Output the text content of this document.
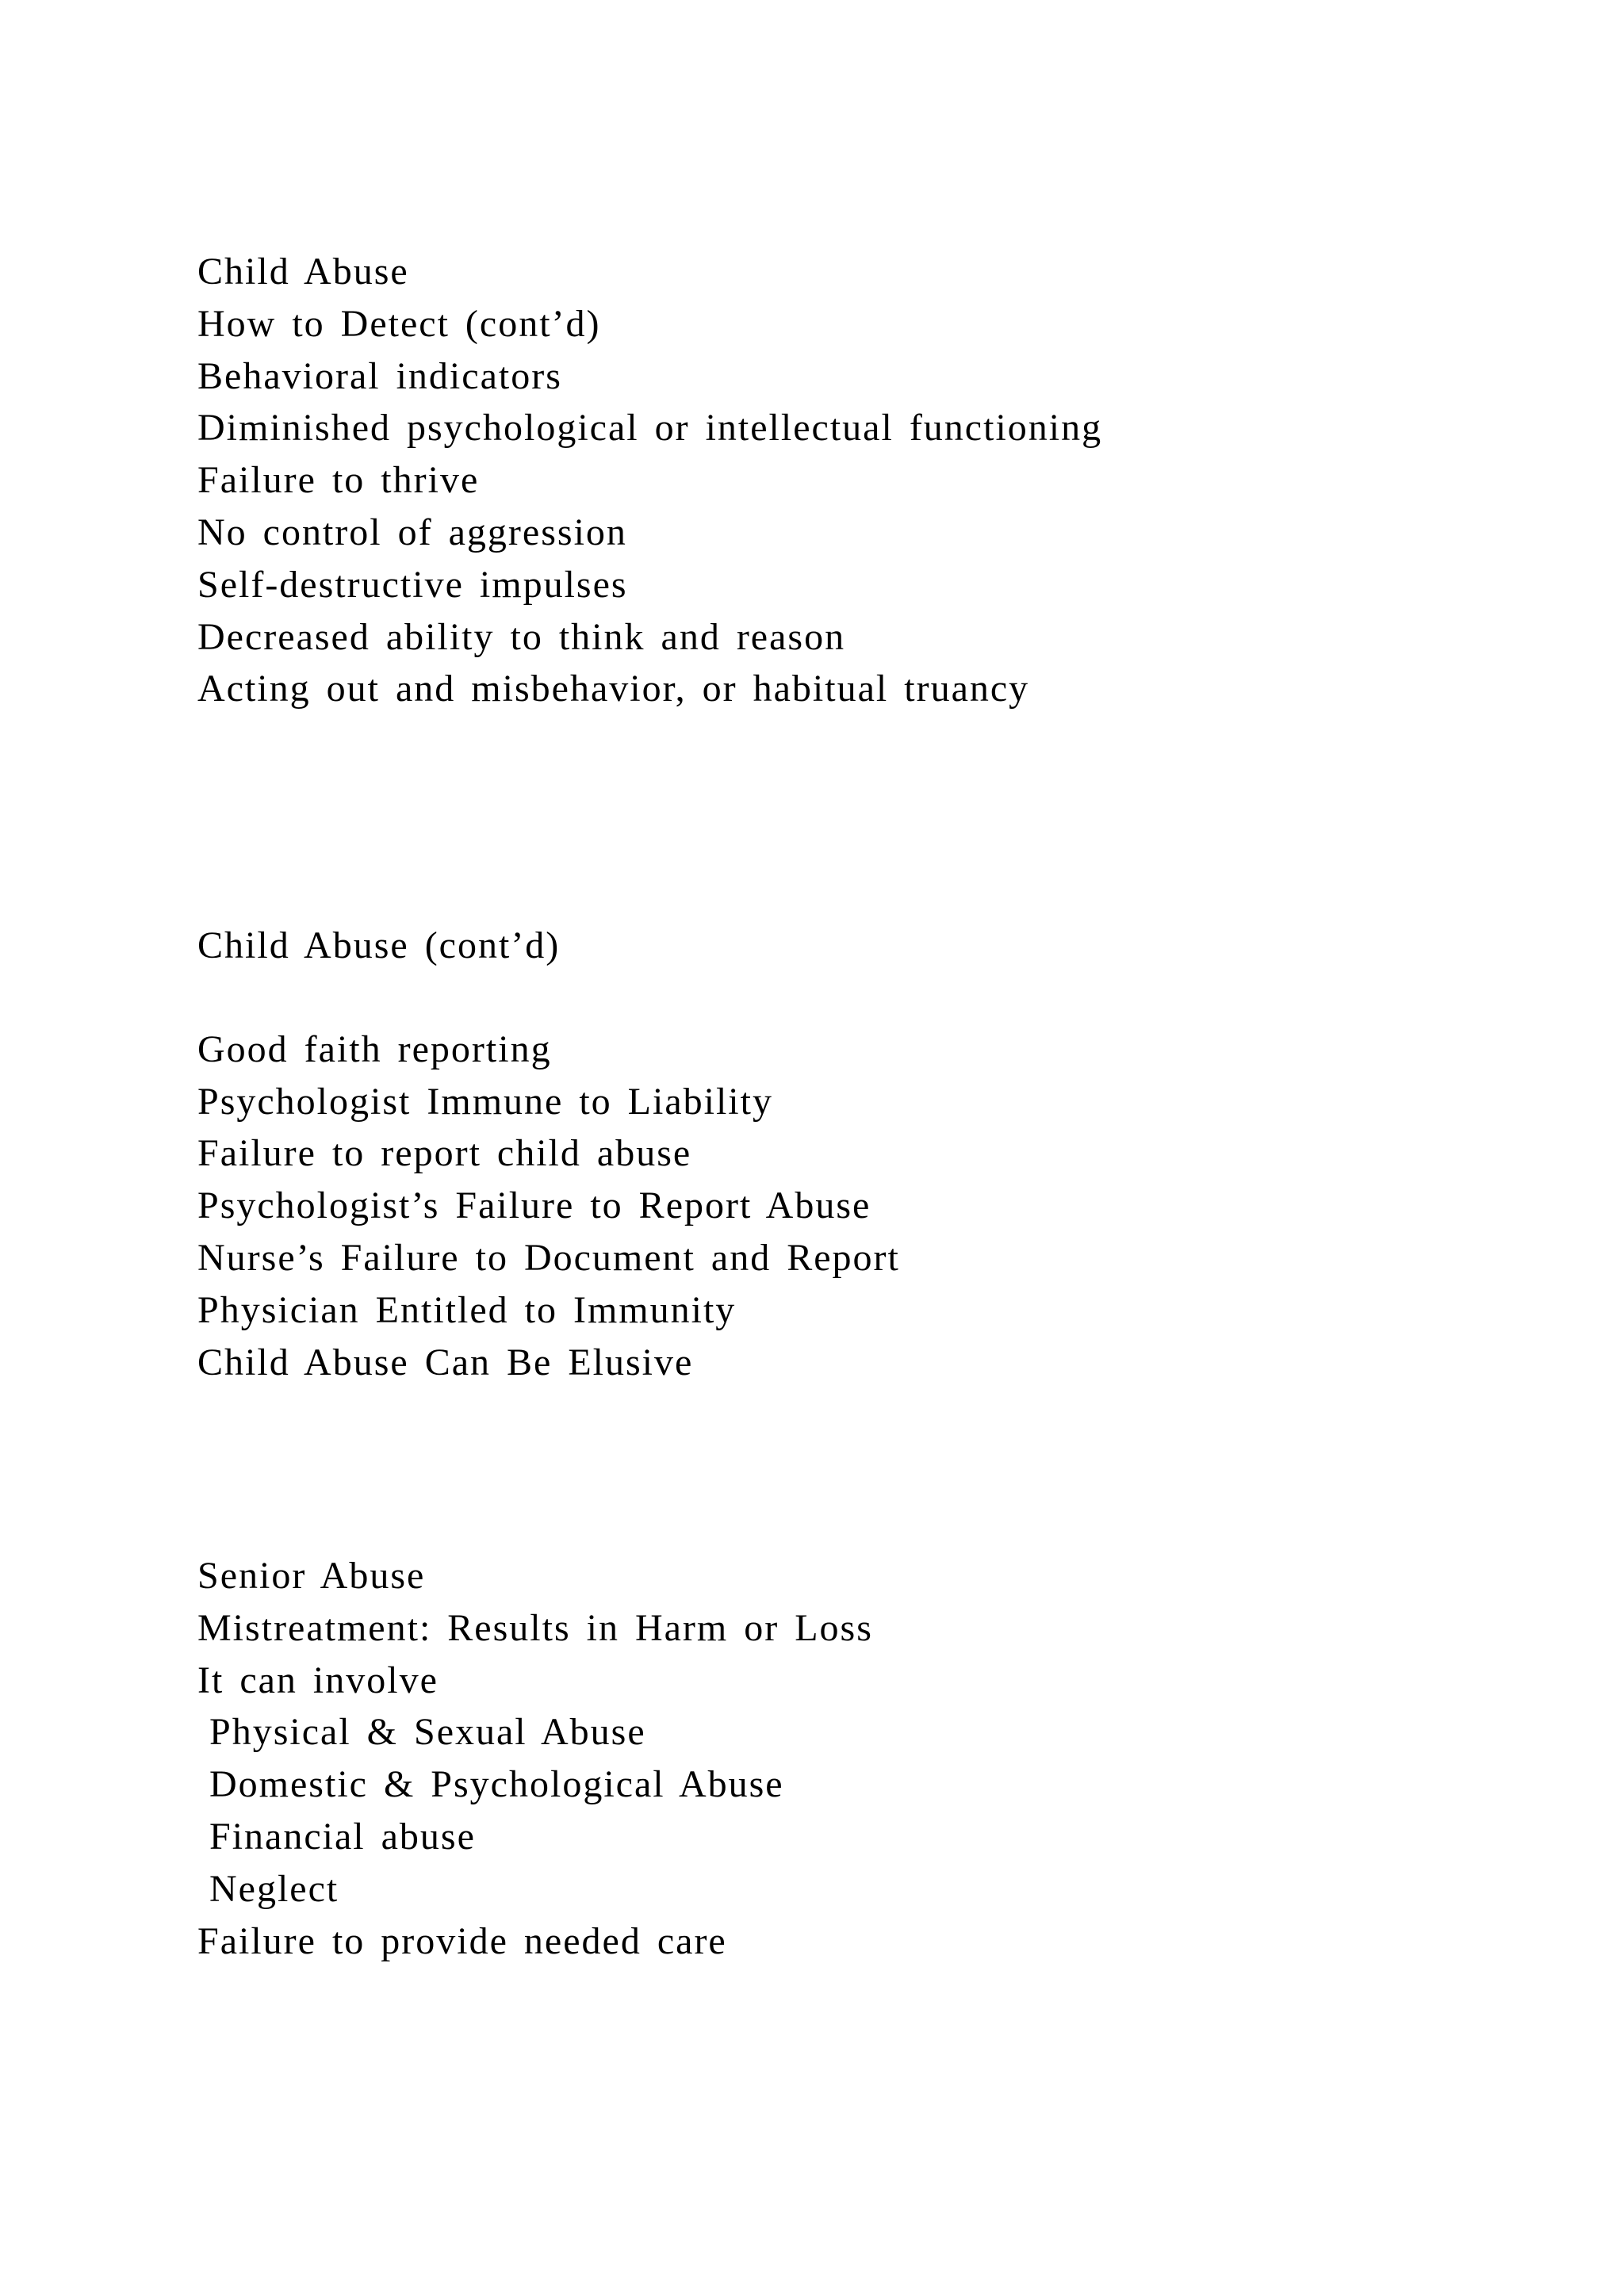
Child Abuse
How to Detect (cont’d)
Behavioral indicators
Diminished psychological or intellectual functioning
Failure to thrive
No control of aggression
Self-destructive impulses
Decreased ability to think and reason
Acting out and misbehavior, or habitual truancy
Child Abuse (cont’d)
Good faith reporting
Psychologist Immune to Liability
Failure to report child abuse
Psychologist’s Failure to Report Abuse
Nurse’s Failure to Document and Report
Physician Entitled to Immunity
Child Abuse Can Be Elusive
Senior Abuse
Mistreatment: Results in Harm or Loss
It can involve
Physical & Sexual Abuse
Domestic & Psychological Abuse
Financial abuse
Neglect
Failure to provide needed care
